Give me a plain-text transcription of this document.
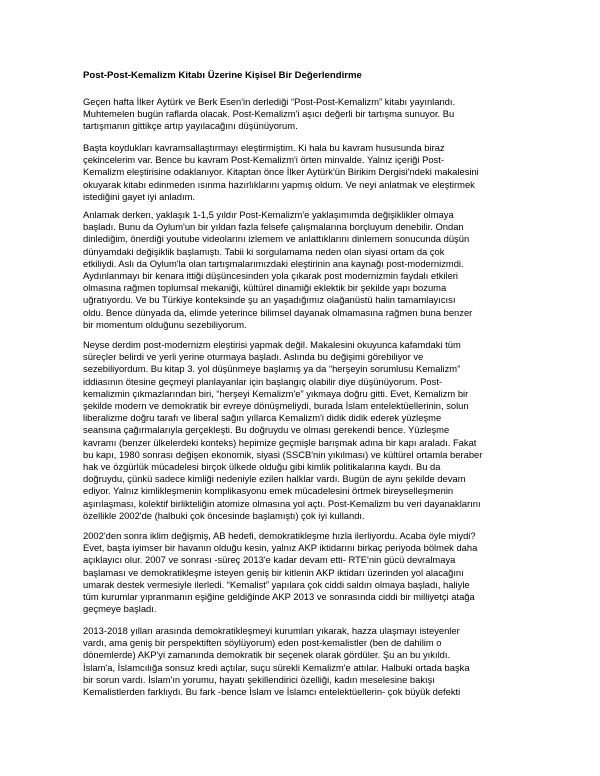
Post-Post-Kemalizm Kitabı Üzerine Kişisel Bir Değerlendirme
Geçen hafta İlker Aytürk ve Berk Esen'in derlediği “Post-Post-Kemalizm” kitabı yayınlandı.
Muhtemelen bugün raflarda olacak. Post-Kemalizm'i aşıcı değerli bir tartışma sunuyor. Bu
tartışmanın gittikçe artıp yayılacağını düşünüyorum.
Başta koydukları kavramsallaştırmayı eleştirmiştim. Ki hala bu kavram hususunda biraz
çekincelerim var. Bence bu kavram Post-Kemalizm'i örten minvalde. Yalnız içeriği Post-
Kemalizm eleştirisine odaklanıyor. Kitaptan önce İlker Aytürk'ün Birikim Dergisi'ndeki makalesini
okuyarak kitabı edinmeden ısınma hazırlıklarını yapmış oldum. Ve neyi anlatmak ve eleştirmek
istediğini gayet iyi anladım.
Anlamak derken, yaklaşık 1-1,5 yıldır Post-Kemalizm'e yaklaşımımda değişiklikler olmaya
başladı. Bunu da Oylum'un bir yıldan fazla felsefe çalışmalarına borçluyum denebilir. Ondan
dinlediğim, önerdiği youtube videolarını izlemem ve anlattıklarını dinlemem sonucunda düşün
dünyamdaki değişiklik başlamıştı. Tabii ki sorgulamama neden olan siyasi ortam da çok
etkiliydi. Aslı da Oylum'la olan tartışmalarımızdaki eleştirinin ana kaynağı post-modernizmdi.
Aydınlanmayı bir kenara ittiği düşüncesinden yola çıkarak post modernizmin faydalı etkileri
olmasına rağmen toplumsal mekaniği, kültürel dinamiği eklektik bir şekilde yapı bozuma
uğratıyordu. Ve bu Türkiye konteksinde şu an yaşadığımız olağanüstü halin tamamlayıcısı
oldu. Bence dünyada da, elimde yeterince bilimsel dayanak olmamasına rağmen buna benzer
bir momentum olduğunu sezebiliyorum.
Neyse derdim post-modernizm eleştirisi yapmak değil. Makalesini okuyunca kafamdaki tüm
süreçler belirdi ve yerli yerine oturmaya başladı. Aslında bu değişimi görebiliyor ve
sezebiliyordum. Bu kitap 3. yol düşünmeye başlamış ya da “herşeyin sorumlusu Kemalizm”
iddiasının ötesine geçmeyi planlayanlar için başlangıç olabilir diye düşünüyorum. Post-
kemalizmin çıkmazlarından biri, “herşeyi Kemalizm'e” yıkmaya doğru gitti. Evet, Kemalizm bir
şekilde modern ve demokratik bir evreye dönüşmeliydi, burada İslam entelektüellerinin, solun
liberalizme doğru tarafı ve liberal sağın yıllarca Kemalizm'i didik didik ederek yüzleşme
seansına çağırmalarıyla gerçekleşti. Bu doğruydu ve olması gerekendi bence. Yüzleşme
kavramı (benzer ülkelerdeki konteks) hepimize geçmişle barışmak adına bir kapı araladı. Fakat
bu kapı, 1980 sonrası değişen ekonomik, siyasi (SSCB'nin yıkılması) ve kültürel ortamla beraber
hak ve özgürlük mücadelesi birçok ülkede olduğu gibi kimlik politikalarına kaydı. Bu da
doğruydu, çünkü sadece kimliği nedeniyle ezilen halklar vardı. Bugün de aynı şekilde devam
ediyor. Yalnız kimlikleşmenin komplikasyonu emek mücadelesini örtmek bireyselleşmenin
aşırılaşması, kolektif birlikteliğin atomize olmasına yol açtı. Post-Kemalizm bu veri dayanaklarını
özellikle 2002'de (halbuki çok öncesinde başlamıştı) çok iyi kullandı.
2002'den sonra iklim değişmiş, AB hedefi, demokratikleşme hızla ilerliyordu. Acaba öyle miydi?
Evet, başta iyimser bir havanın olduğu kesin, yalnız AKP iktidarını birkaç periyoda bölmek daha
açıklayıcı olur. 2007 ve sonrası -süreç 2013'e kadar devam etti- RTE'nin gücü devralmaya
başlaması ve demokratikleşme isteyen geniş bir kitlenin AKP iktidarı üzerinden yol alacağını
umarak destek vermesiyle ilerledi. “Kemalist” yapılara çok ciddi saldırı olmaya başladı, haliyle
tüm kurumlar yıpranmanın eşiğine geldiğinde AKP 2013 ve sonrasında ciddi bir milliyetçi atağa
geçmeye başladı.
2013-2018 yılları arasında demokratikleşmeyi kurumları yıkarak, hazza ulaşmayı isteyenler
vardı, ama geniş bir perspektiften söylüyorum) eden post-kemalistler (ben de dahilim o
dönemlerde) AKP'yi zamanında demokratik bir seçenek olarak gördüler. Şu an bu yıkıldı.
İslam'a, İslamcılığa sonsuz kredi açtılar, suçu sürekli Kemalizm'e attılar. Halbuki ortada başka
bir sorun vardı. İslam'ın yorumu, hayatı şekillendirici özelliği, kadın meselesine bakışı
Kemalistlerden farklıydı. Bu fark -bence İslam ve İslamcı entelektüellerin- çok büyük defekti
